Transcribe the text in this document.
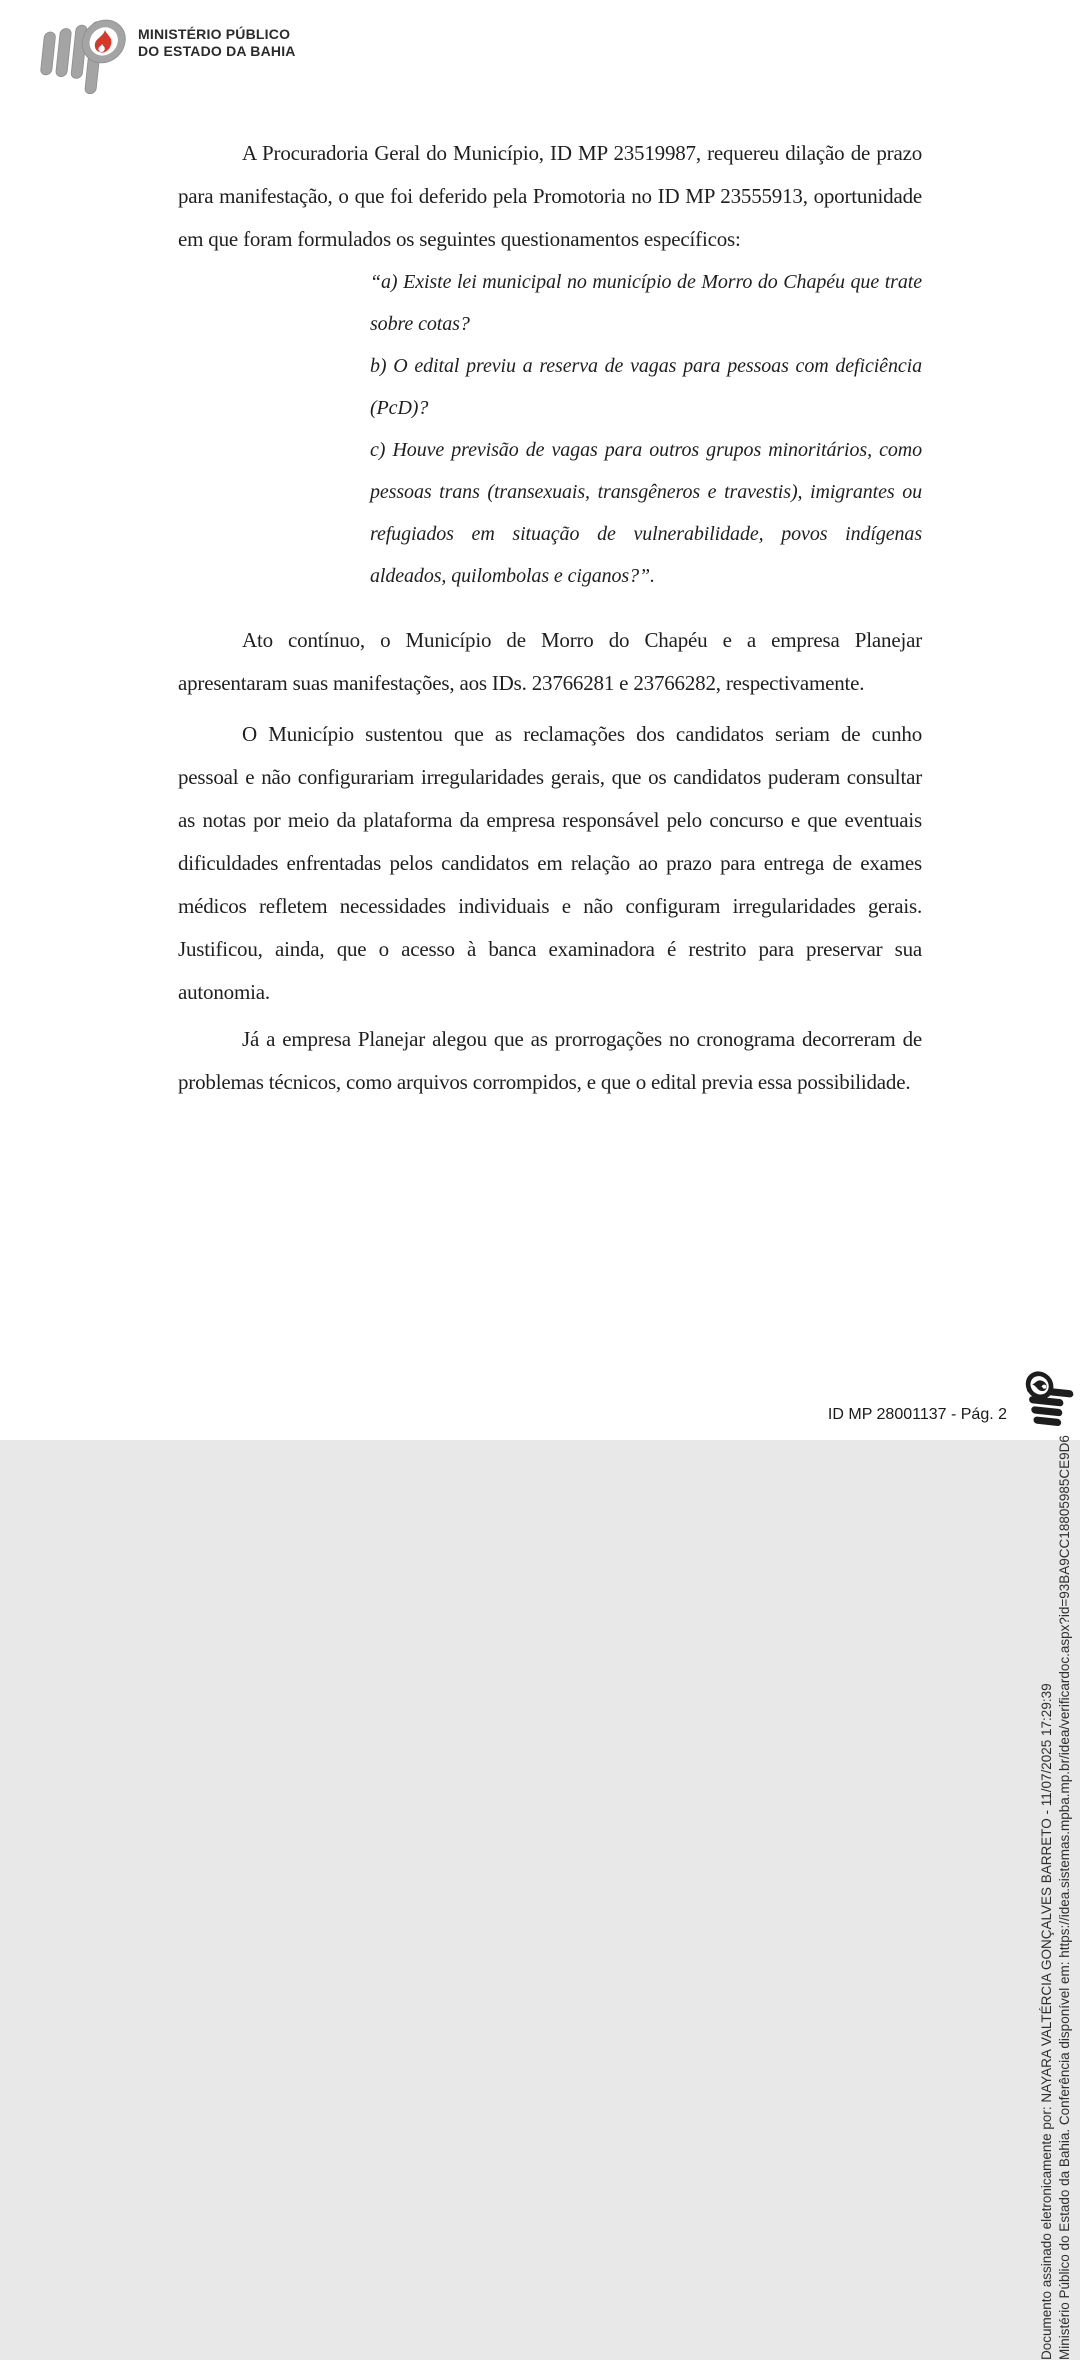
MINISTÉRIO PÚBLICO
DO ESTADO DA BAHIA

A Procuradoria Geral do Município, ID MP 23519987, requereu dilação de prazo para manifestação, o que foi deferido pela Promotoria no ID MP 23555913, oportunidade em que foram formulados os seguintes questionamentos específicos:

“a) Existe lei municipal no município de Morro do Chapéu que trate sobre cotas?

b) O edital previu a reserva de vagas para pessoas com deficiência (PcD)?

c) Houve previsão de vagas para outros grupos minoritários, como pessoas trans (transexuais, transgêneros e travestis), imigrantes ou refugiados em situação de vulnerabilidade, povos indígenas aldeados, quilombolas e ciganos?”.

Ato contínuo, o Município de Morro do Chapéu e a empresa Planejar apresentaram suas manifestações, aos IDs. 23766281 e 23766282, respectivamente.

O Município sustentou que as reclamações dos candidatos seriam de cunho pessoal e não configurariam irregularidades gerais, que os candidatos puderam consultar as notas por meio da plataforma da empresa responsável pelo concurso e que eventuais dificuldades enfrentadas pelos candidatos em relação ao prazo para entrega de exames médicos refletem necessidades individuais e não configuram irregularidades gerais. Justificou, ainda, que o acesso à banca examinadora é restrito para preservar sua autonomia.

Já a empresa Planejar alegou que as prorrogações no cronograma decorreram de problemas técnicos, como arquivos corrompidos, e que o edital previa essa possibilidade.

Documento assinado eletronicamente por: NAYARA VALTÉRCIA GONÇALVES BARRETO - 11/07/2025 17:29:39 Ministério Público do Estado da Bahia. Conferência disponível em: https://idea.sistemas.mpba.mp.br/idea/verificardoc.aspx?id=93BA9CC18805985CE9D6
ID MP 28001137 - Pág. 2
